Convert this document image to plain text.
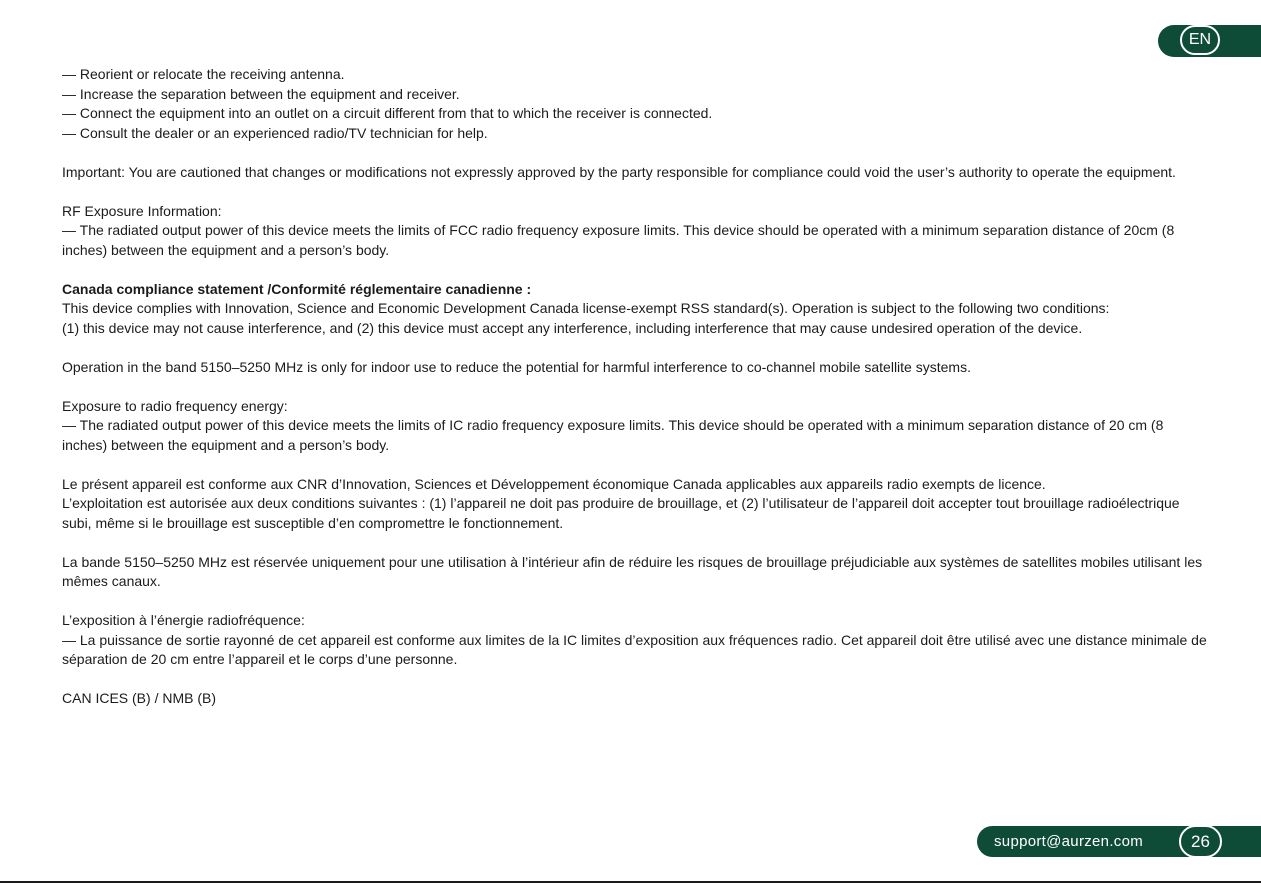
EN

— Reorient or relocate the receiving antenna.
— Increase the separation between the equipment and receiver.
— Connect the equipment into an outlet on a circuit different from that to which the receiver is connected.
— Consult the dealer or an experienced radio/TV technician for help.

Important: You are cautioned that changes or modifications not expressly approved by the party responsible for compliance could void the user’s authority to operate the equipment.

RF Exposure Information:
— The radiated output power of this device meets the limits of FCC radio frequency exposure limits. This device should be operated with a minimum separation distance of 20cm (8 inches) between the equipment and a person’s body.

Canada compliance statement /Conformité réglementaire canadienne :
This device complies with Innovation, Science and Economic Development Canada license-exempt RSS standard(s). Operation is subject to the following two conditions:
(1) this device may not cause interference, and (2) this device must accept any interference, including interference that may cause undesired operation of the device.

Operation in the band 5150–5250 MHz is only for indoor use to reduce the potential for harmful interference to co-channel mobile satellite systems.

Exposure to radio frequency energy:
— The radiated output power of this device meets the limits of IC radio frequency exposure limits. This device should be operated with a minimum separation distance of 20 cm (8 inches) between the equipment and a person’s body.

Le présent appareil est conforme aux CNR d’Innovation, Sciences et Développement économique Canada applicables aux appareils radio exempts de licence.
L’exploitation est autorisée aux deux conditions suivantes : (1) l’appareil ne doit pas produire de brouillage, et (2) l’utilisateur de l’appareil doit accepter tout brouillage radioélectrique subi, même si le brouillage est susceptible d’en compromettre le fonctionnement.

La bande 5150–5250 MHz est réservée uniquement pour une utilisation à l’intérieur afin de réduire les risques de brouillage préjudiciable aux systèmes de satellites mobiles utilisant les mêmes canaux.

L’exposition à l’énergie radiofréquence:
— La puissance de sortie rayonné de cet appareil est conforme aux limites de la IC limites d’exposition aux fréquences radio. Cet appareil doit être utilisé avec une distance minimale de séparation de 20 cm entre l’appareil et le corps d’une personne.

CAN ICES (B) / NMB (B)

support@aurzen.com	26
